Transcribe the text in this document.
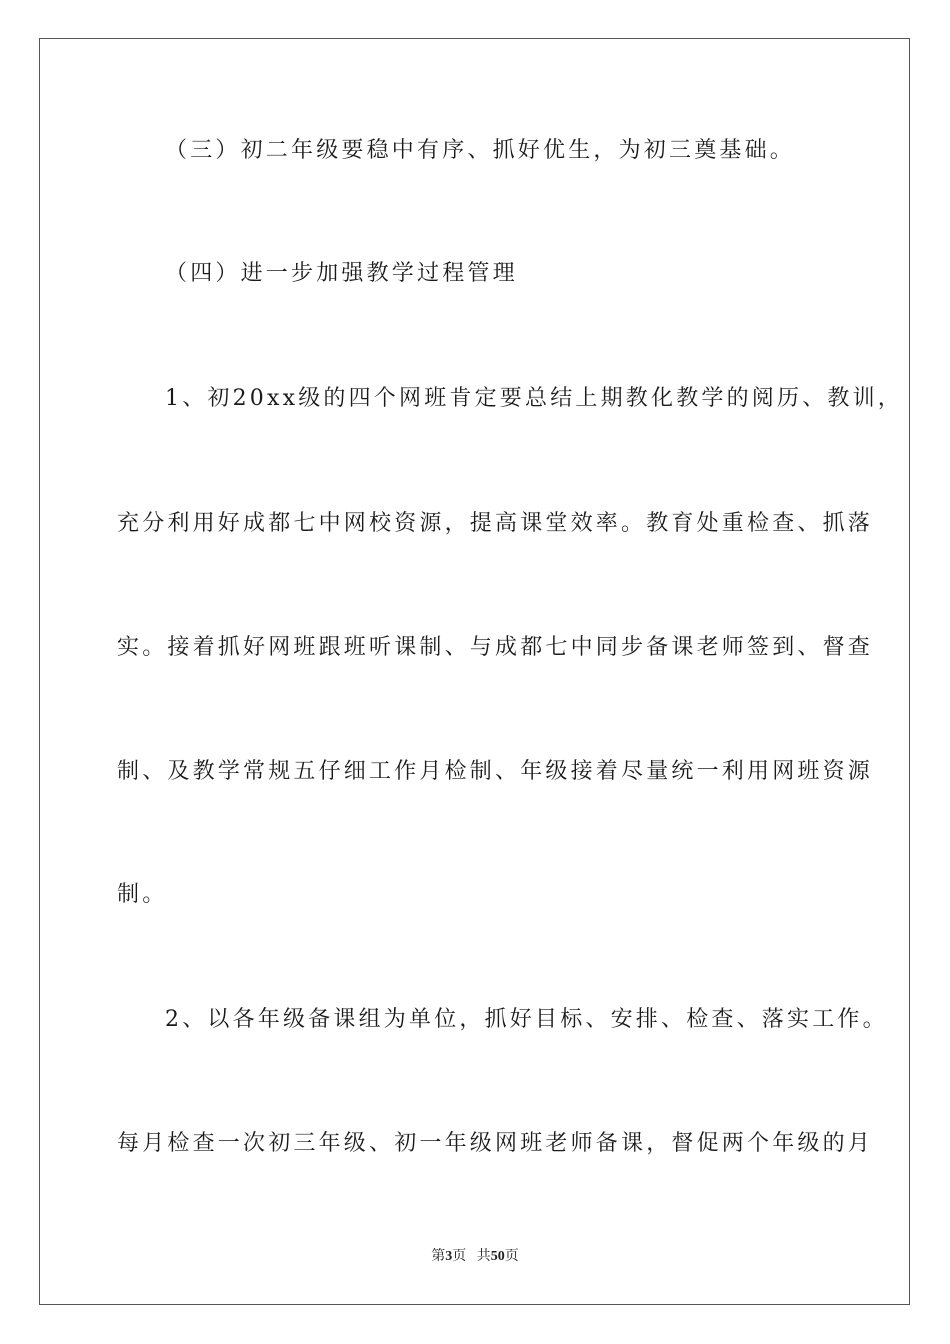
（三）初二年级要稳中有序、抓好优生，为初三奠基础。
（四）进一步加强教学过程管理
1、初20xx级的四个网班肯定要总结上期教化教学的阅历、教训，
充分利用好成都七中网校资源，提高课堂效率。教育处重检查、抓落
实。接着抓好网班跟班听课制、与成都七中同步备课老师签到、督查
制、及教学常规五仔细工作月检制、年级接着尽量统一利用网班资源
制。
2、以各年级备课组为单位，抓好目标、安排、检查、落实工作。
每月检查一次初三年级、初一年级网班老师备课，督促两个年级的月
第3页 共50页
